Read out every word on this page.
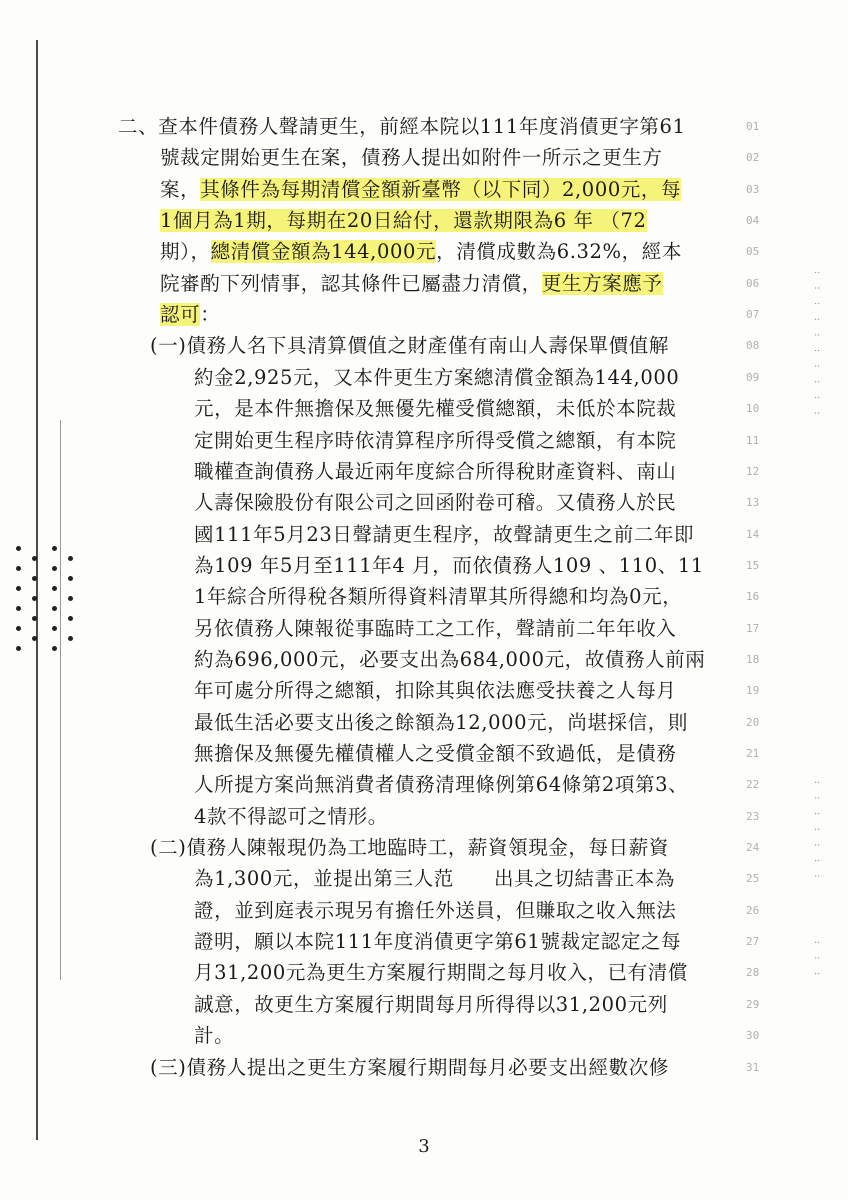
二、查本件債務人聲請更生，前經本院以111年度消債更字第61
號裁定開始更生在案，債務人提出如附件一所示之更生方
案，其條件為每期清償金額新臺幣（以下同）2,000元，每
1個月為1期，每期在20日給付，還款期限為6 年 （72
期），總清償金額為144,000元，清償成數為6.32%，經本
院審酌下列情事，認其條件已屬盡力清償，更生方案應予
認可：
(一)債務人名下具清算價值之財產僅有南山人壽保單價值解
約金2,925元，又本件更生方案總清償金額為144,000
元，是本件無擔保及無優先權受償總額，未低於本院裁
定開始更生程序時依清算程序所得受償之總額，有本院
職權查詢債務人最近兩年度綜合所得稅財產資料、南山
人壽保險股份有限公司之回函附卷可稽。又債務人於民
國111年5月23日聲請更生程序，故聲請更生之前二年即
為109 年5月至111年4 月，而依債務人109 、110、11
1年綜合所得稅各類所得資料清單其所得總和均為0元，
另依債務人陳報從事臨時工之工作，聲請前二年年收入
約為696,000元，必要支出為684,000元，故債務人前兩
年可處分所得之總額，扣除其與依法應受扶養之人每月
最低生活必要支出後之餘額為12,000元，尚堪採信，則
無擔保及無優先權債權人之受償金額不致過低，是債務
人所提方案尚無消費者債務清理條例第64條第2項第3、
4款不得認可之情形。
(二)債務人陳報現仍為工地臨時工，薪資領現金，每日薪資
為1,300元，並提出第三人范　　出具之切結書正本為
證，並到庭表示現另有擔任外送員，但賺取之收入無法
證明，願以本院111年度消債更字第61號裁定認定之每
月31,200元為更生方案履行期間之每月收入，已有清償
誠意，故更生方案履行期間每月所得得以31,200元列
計。
(三)債務人提出之更生方案履行期間每月必要支出經數次修
01
02
03
04
05
06
07
08
09
10
11
12
13
14
15
16
17
18
19
20
21
22
23
24
25
26
27
28
29
30
31
3
: : : : : : : : : :
: : : : : : :
: : :
